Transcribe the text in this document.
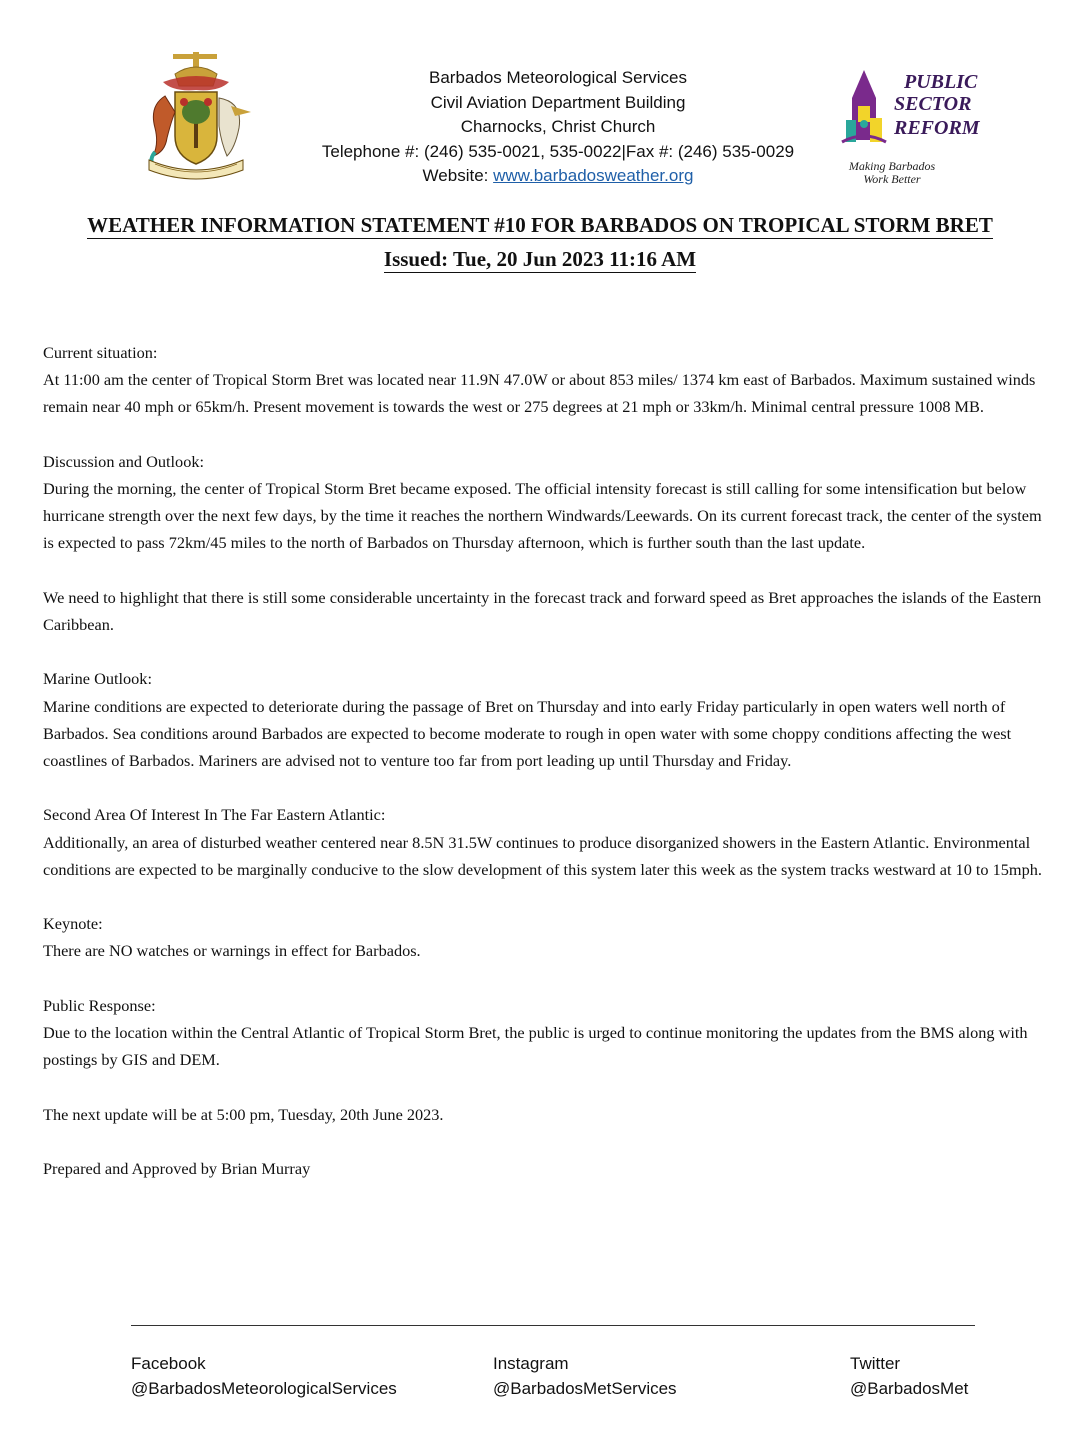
Barbados Meteorological Services
Civil Aviation Department Building
Charnocks, Christ Church
Telephone #: (246) 535-0021, 535-0022|Fax #: (246) 535-0029
Website: www.barbadosweather.org
PUBLIC
SECTOR
REFORM
Making Barbados
Work Better
WEATHER INFORMATION STATEMENT #10 FOR BARBADOS ON TROPICAL STORM BRET
Issued: Tue, 20 Jun 2023 11:16 AM

Current situation:

At 11:00 am the center of Tropical Storm Bret was located near 11.9N 47.0W or about 853 miles/ 1374 km east of Barbados. Maximum sustained winds remain near 40 mph or 65km/h. Present movement is towards the west or 275 degrees at 21 mph or 33km/h. Minimal central pressure 1008 MB.

Discussion and Outlook:

During the morning, the center of Tropical Storm Bret became exposed. The official intensity forecast is still calling for some intensification but below hurricane strength over the next few days, by the time it reaches the northern Windwards/Leewards. On its current forecast track, the center of the system is expected to pass 72km/45 miles to the north of Barbados on Thursday afternoon, which is further south than the last update.

We need to highlight that there is still some considerable uncertainty in the forecast track and forward speed as Bret approaches the islands of the Eastern Caribbean.

Marine Outlook:

Marine conditions are expected to deteriorate during the passage of Bret on Thursday and into early Friday particularly in open waters well north of Barbados. Sea conditions around Barbados are expected to become moderate to rough in open water with some choppy conditions affecting the west coastlines of Barbados. Mariners are advised not to venture too far from port leading up until Thursday and Friday.

Second Area Of Interest In The Far Eastern Atlantic:

Additionally, an area of disturbed weather centered near 8.5N 31.5W continues to produce disorganized showers in the Eastern Atlantic. Environmental conditions are expected to be marginally conducive to the slow development of this system later this week as the system tracks westward at 10 to 15mph.

Keynote:

There are NO watches or warnings in effect for Barbados.

Public Response:

Due to the location within the Central Atlantic of Tropical Storm Bret, the public is urged to continue monitoring the updates from the BMS along with postings by GIS and DEM.

The next update will be at 5:00 pm, Tuesday, 20th June 2023.

Prepared and Approved by Brian Murray

Facebook
@BarbadosMeteorologicalServices
Instagram
@BarbadosMetServices
Twitter
@BarbadosMet
